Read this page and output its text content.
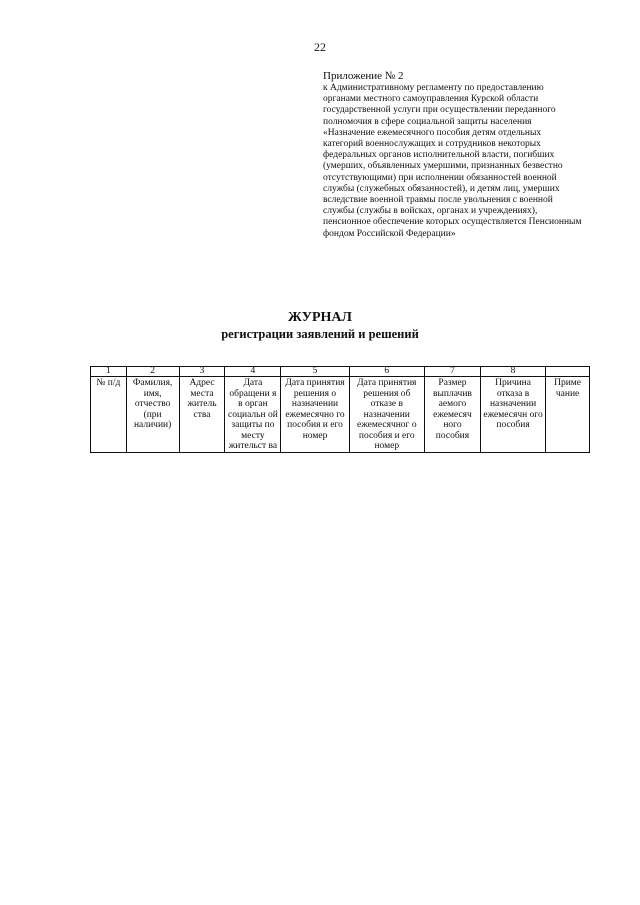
22
Приложение № 2
к Административному регламенту по предоставлению органами местного самоуправления Курской области государственной услуги при осуществлении переданного полномочия в сфере социальной защиты населения «Назначение ежемесячного пособия детям отдельных категорий военнослужащих и сотрудников некоторых федеральных органов исполнительной власти, погибших (умерших, объявленных умершими, признанных безвестно отсутствующими) при исполнении обязанностей военной службы (служебных обязанностей), и детям лиц, умерших вследствие военной травмы после увольнения с военной службы (службы в войсках, органах и учреждениях), пенсионное обеспечение которых осуществляется Пенсионным фондом Российской Федерации»
ЖУРНАЛ
регистрации заявлений и решений
1	2	3	4	5	6	7	8	
№ п/д	Фамилия, имя, отчество (при наличии)	Адрес места житель ства	Дата обращени я в орган социальн ой защиты по месту жительст ва	Дата принятия решения о назначении ежемесячно го пособия и его номер	Дата принятия решения об отказе в назначении ежемесячног о пособия и его номер	Размер выплачив аемого ежемесяч ного пособия	Причина отказа в назначении ежемесячн ого пособия	Приме чание
